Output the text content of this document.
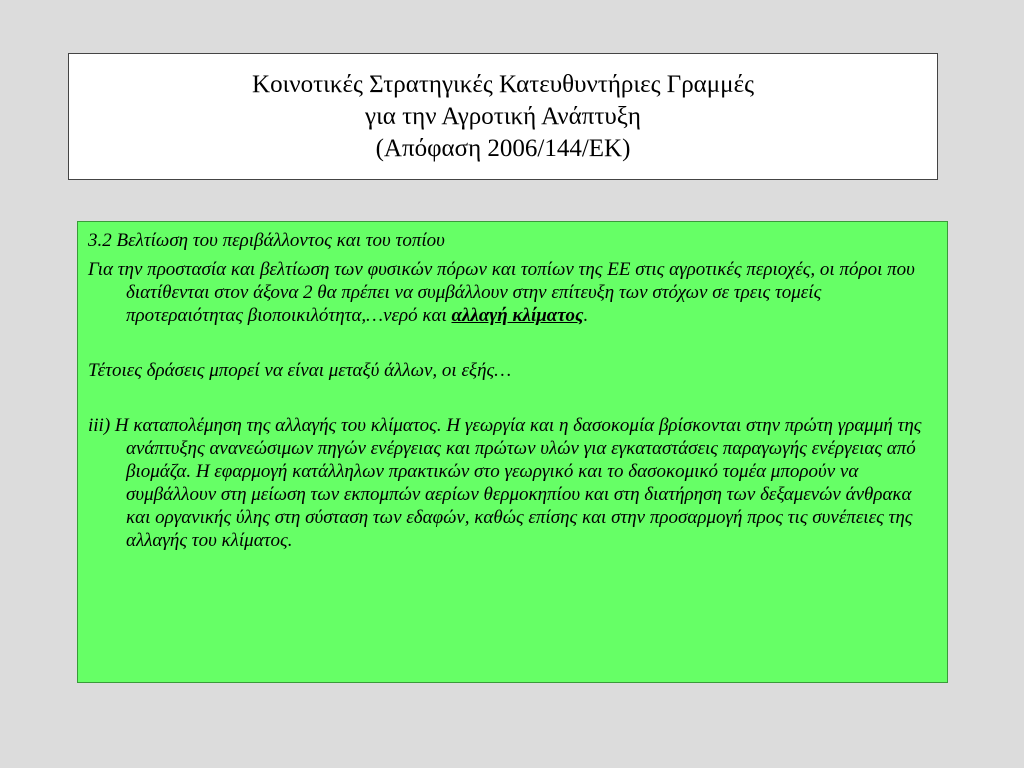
Κοινοτικές Στρατηγικές Κατευθυντήριες Γραμμές
για την Αγροτική Ανάπτυξη
(Απόφαση 2006/144/ΕΚ)

3.2 Βελτίωση του περιβάλλοντος και του τοπίου

Για την προστασία και βελτίωση των φυσικών πόρων και τοπίων της ΕΕ στις αγροτικές περιοχές, οι πόροι που διατίθενται στον άξονα 2 θα πρέπει να συμβάλλουν στην επίτευξη των στόχων σε τρεις τομείς προτεραιότητας βιοποικιλότητα,…νερό και αλλαγή κλίματος.

Τέτοιες δράσεις μπορεί να είναι μεταξύ άλλων, οι εξής…

iii) Η καταπολέμηση της αλλαγής του κλίματος. Η γεωργία και η δασοκομία βρίσκονται στην πρώτη γραμμή της ανάπτυξης ανανεώσιμων πηγών ενέργειας και πρώτων υλών για εγκαταστάσεις παραγωγής ενέργειας από βιομάζα. Η εφαρμογή κατάλληλων πρακτικών στο γεωργικό και το δασοκομικό τομέα μπορούν να συμβάλλουν στη μείωση των εκπομπών αερίων θερμοκηπίου και στη διατήρηση των δεξαμενών άνθρακα και οργανικής ύλης στη σύσταση των εδαφών, καθώς επίσης και στην προσαρμογή προς τις συνέπειες της αλλαγής του κλίματος.
